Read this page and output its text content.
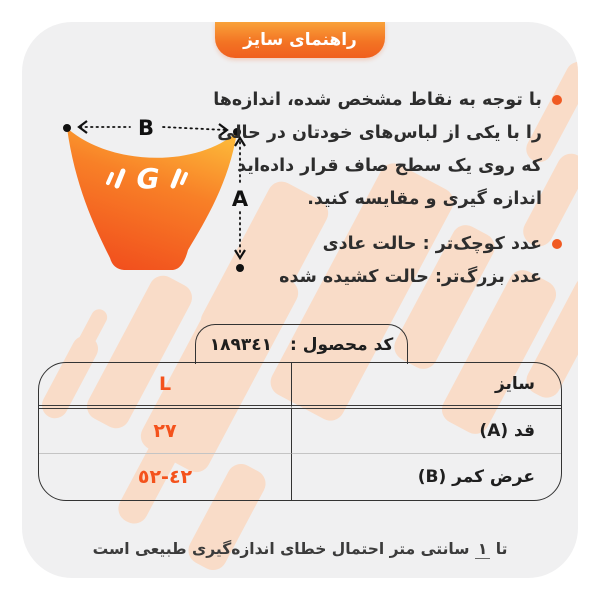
راهنمای سایز
G
B
A
با توجه به نقاط مشخص شده، اندازه‌ها
را با یکی از لباس‌های خودتان در حالی
که روی یک سطح صاف قرار داده‌اید
اندازه گیری و مقایسه کنید.
عدد کوچک‌تر : حالت عادی
عدد بزرگ‌تر: حالت کشیده شده
کد محصول :
١٨٩٣٤١
L	سایز
٢٧	قد (A)
٤٢-٥٢	عرض کمر (B)
تا ١ سانتی متر احتمال خطای اندازه‌گیری طبیعی است
